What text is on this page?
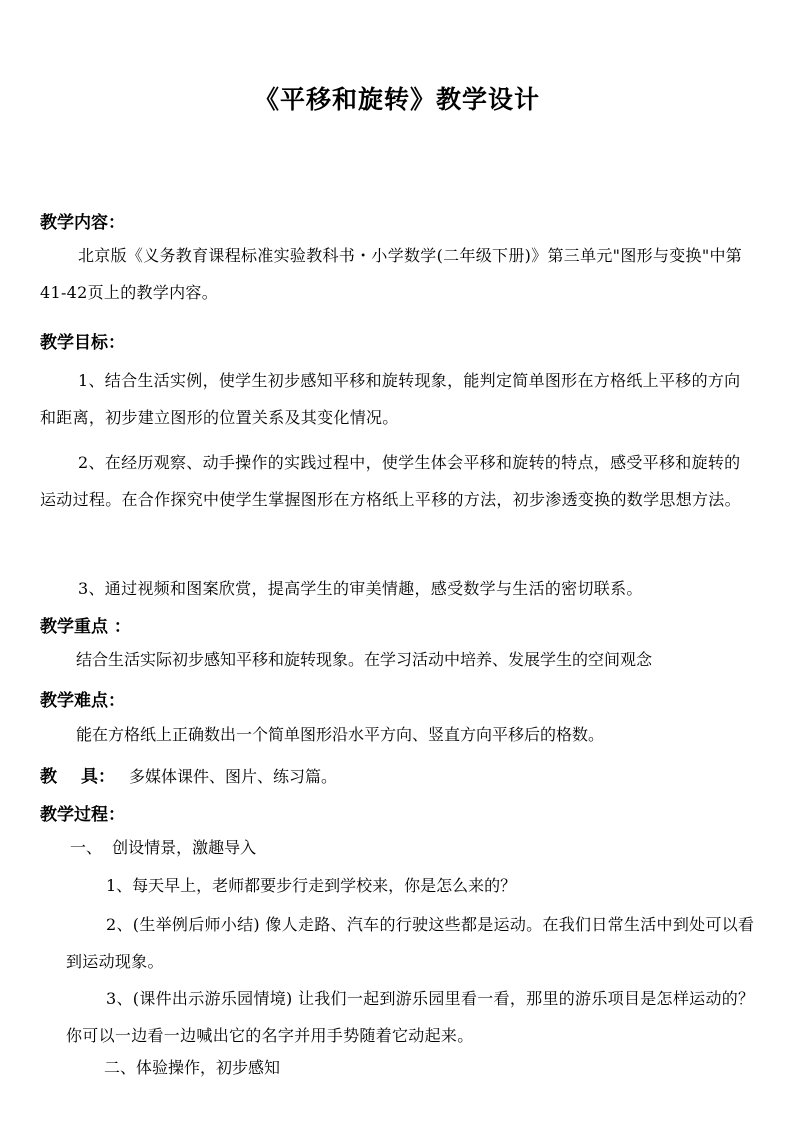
《平移和旋转》教学设计
教学内容：
北京版《义务教育课程标准实验教科书・小学数学(二年级下册)》第三单元"图形与变换"中第41-42页上的教学内容。
教学目标：
1、结合生活实例，使学生初步感知平移和旋转现象，能判定简单图形在方格纸上平移的方向和距离，初步建立图形的位置关系及其变化情况。
2、在经历观察、动手操作的实践过程中，使学生体会平移和旋转的特点，感受平移和旋转的运动过程。在合作探究中使学生掌握图形在方格纸上平移的方法，初步渗透变换的数学思想方法。
3、通过视频和图案欣赏，提高学生的审美情趣，感受数学与生活的密切联系。
教学重点 ：
结合生活实际初步感知平移和旋转现象。在学习活动中培养、发展学生的空间观念
教学难点：
能在方格纸上正确数出一个简单图形沿水平方向、竖直方向平移后的格数。
教 具： 多媒体课件、图片、练习篇。
教学过程：
一、  创设情景，激趣导入
1、每天早上，老师都要步行走到学校来，你是怎么来的？
2、(生举例后师小结) 像人走路、汽车的行驶这些都是运动。在我们日常生活中到处可以看到运动现象。
3、(课件出示游乐园情境) 让我们一起到游乐园里看一看，那里的游乐项目是怎样运动的？你可以一边看一边喊出它的名字并用手势随着它动起来。
二、体验操作，初步感知
